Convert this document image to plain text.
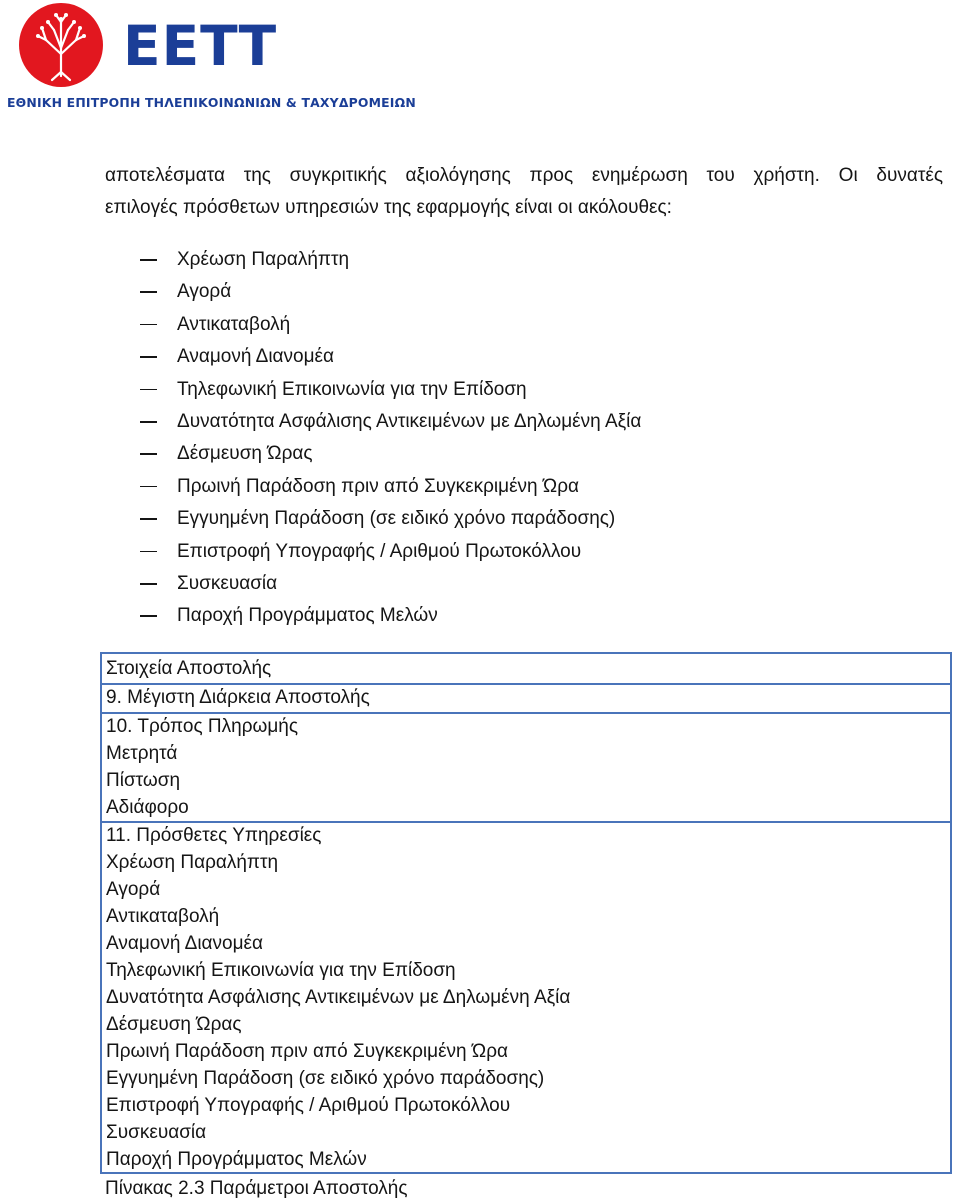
ΕΕΤΤ
ΕΘΝΙΚΗ ΕΠΙΤΡΟΠΗ ΤΗΛΕΠΙΚΟΙΝΩΝΙΩΝ & ΤΑΧΥΔΡΟΜΕΙΩΝ
αποτελέσματα της συγκριτικής αξιολόγησης προς ενημέρωση του χρήστη. Οι δυνατές
επιλογές πρόσθετων υπηρεσιών της εφαρμογής είναι οι ακόλουθες:
Χρέωση Παραλήπτη
Αγορά
Αντικαταβολή
Αναμονή Διανομέα
Τηλεφωνική Επικοινωνία για την Επίδοση
Δυνατότητα Ασφάλισης Αντικειμένων με Δηλωμένη Αξία
Δέσμευση Ώρας
Πρωινή Παράδοση πριν από Συγκεκριμένη Ώρα
Εγγυημένη Παράδοση (σε ειδικό χρόνο παράδοσης)
Επιστροφή Υπογραφής / Αριθμού Πρωτοκόλλου
Συσκευασία
Παροχή Προγράμματος Μελών
Στοιχεία Αποστολής
9. Μέγιστη Διάρκεια Αποστολής
10. Τρόπος Πληρωμής
Μετρητά
Πίστωση
Αδιάφορο
11. Πρόσθετες Υπηρεσίες
Χρέωση Παραλήπτη
Αγορά
Αντικαταβολή
Αναμονή Διανομέα
Τηλεφωνική Επικοινωνία για την Επίδοση
Δυνατότητα Ασφάλισης Αντικειμένων με Δηλωμένη Αξία
Δέσμευση Ώρας
Πρωινή Παράδοση πριν από Συγκεκριμένη Ώρα
Εγγυημένη Παράδοση (σε ειδικό χρόνο παράδοσης)
Επιστροφή Υπογραφής / Αριθμού Πρωτοκόλλου
Συσκευασία
Παροχή Προγράμματος Μελών
Πίνακας 2.3 Παράμετροι Αποστολής
